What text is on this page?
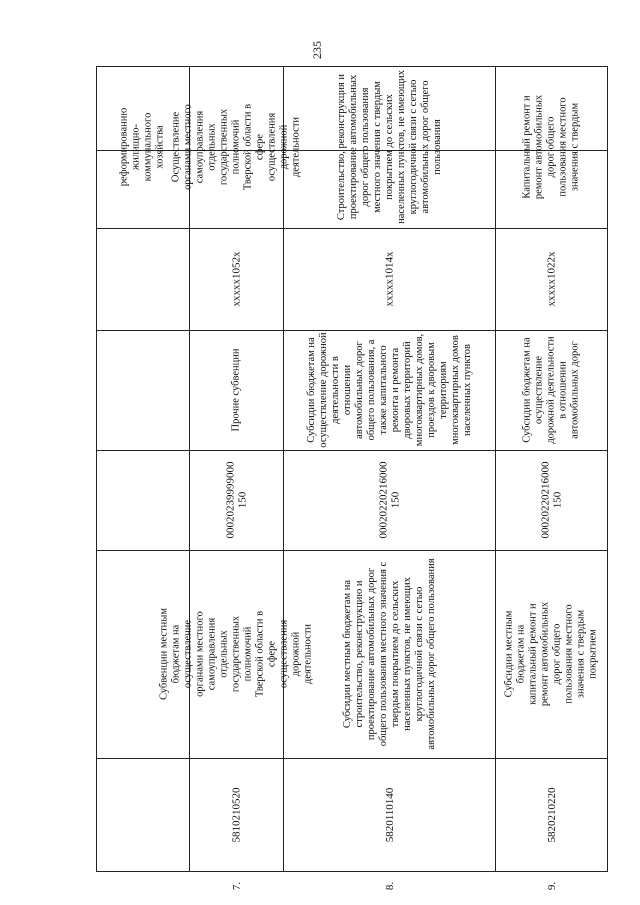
235
реформированию жилищно-коммунального хозяйства Осуществление органами местного самоуправления отдельных государственных полномочий Тверской области в сфере осуществления дорожной деятельности
xxxxx1052x
Прочие субвенции
00020239999000 150
Субвенции местным бюджетам на осуществление органами местного самоуправления отдельных государственных полномочий Тверской области в сфере осуществления дорожной деятельности
5810210520
Строительство, реконструкция и проектирование автомобильных дорог общего пользования местного значения с твердым покрытием до сельских населенных пунктов, не имеющих круглогодичной связи с сетью автомобильных дорог общего пользования
xxxxx1014x
Субсидии бюджетам на осуществление дорожной деятельности в отношении автомобильных дорог общего пользования, а также капитального ремонта и ремонта дворовых территорий многоквартирных домов, проездов к дворовым территориям многоквартирных домов населенных пунктов
00020220216000 150
Субсидии местным бюджетам на строительство, реконструкцию и проектирование автомобильных дорог общего пользования местного значения с твердым покрытием до сельских населенных пунктов, не имеющих круглогодичной связи с сетью автомобильных дорог общего пользования
5820110140
Капитальный ремонт и ремонт автомобильных дорог общего пользования местного значения с твердым
xxxxx1022x
Субсидии бюджетам на осуществление дорожной деятельности в отношении автомобильных дорог
00020220216000 150
Субсидии местным бюджетам на капитальный ремонт и ремонт автомобильных дорог общего пользования местного значения с твердым покрытием
5820210220
7.	8.	9.
